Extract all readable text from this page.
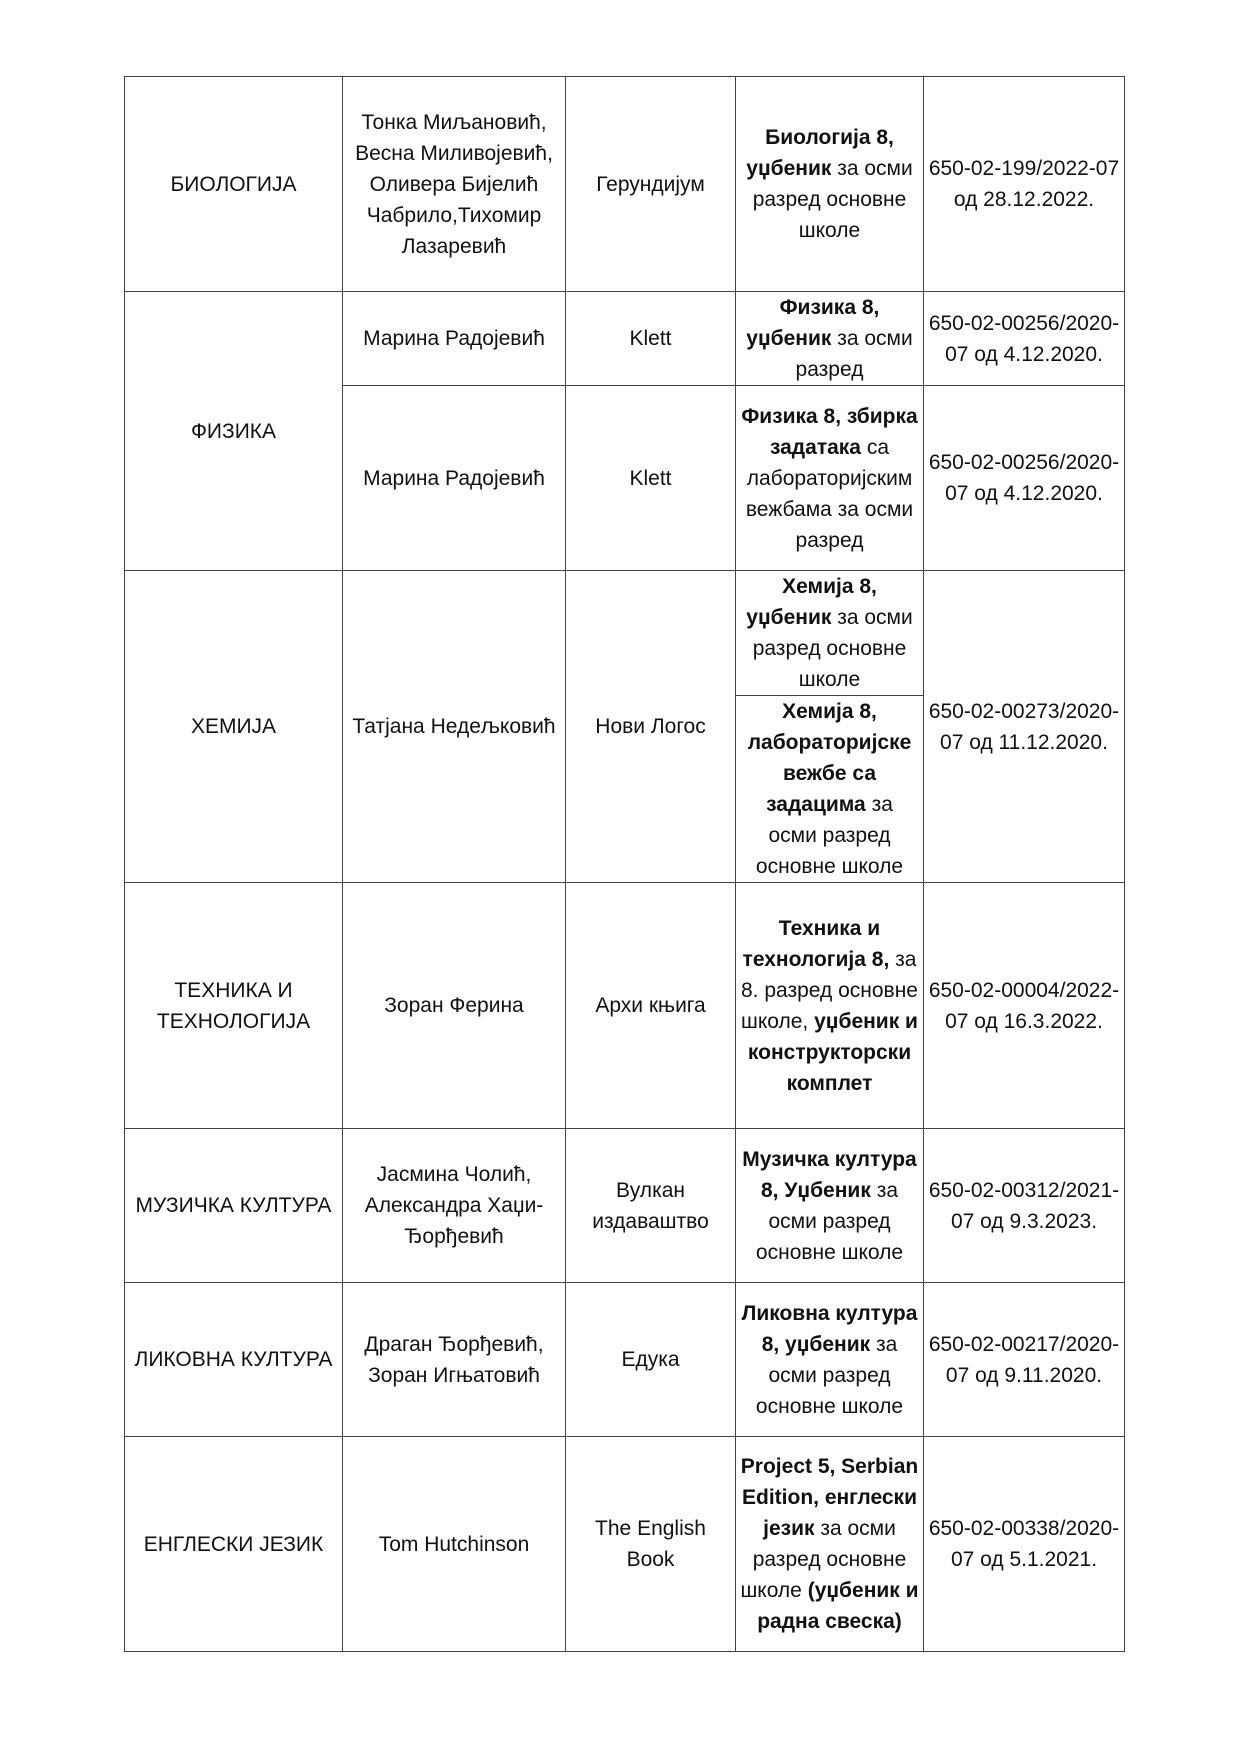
БИОЛОГИЈА	Тонка Миљановић, Весна Миливојевић, Оливера Бијелић Чабрило,Тихомир Лазаревић	Герундијум	Биологија 8, уџбеник за осми разред основне школе	650-02-199/2022-07 од 28.12.2022.
ФИЗИКА	Марина Радојевић	Klett	Физика 8, уџбеник за осми разред	650-02-00256/2020-07 од 4.12.2020.
	Марина Радојевић	Klett	Физика 8, збирка задатака са лабораторијским вежбама за осми разред	650-02-00256/2020-07 од 4.12.2020.
ХЕМИЈА	Татјана Недељковић	Нови Логос	Хемија 8, уџбеник за осми разред основне школе	650-02-00273/2020-07 од 11.12.2020.
			Хемија 8, лабораторијске вежбе са задацима за осми разред основне школе	
ТЕХНИКА И ТЕХНОЛОГИЈА	Зоран Ферина	Архи књига	Техника и технологија 8, за 8. разред основне школе, уџбеник и конструкторски комплет	650-02-00004/2022-07 од 16.3.2022.
МУЗИЧКА КУЛТУРА	Јасмина Чолић, Александра Хаџи-Ђорђевић	Вулкан издаваштво	Музичка култура 8, Уџбеник за осми разред основне школе	650-02-00312/2021-07 од 9.3.2023.
ЛИКОВНА КУЛТУРА	Драган Ђорђевић, Зоран Игњатовић	Едука	Ликовна култура 8, уџбеник за осми разред основне школе	650-02-00217/2020-07 од 9.11.2020.
ЕНГЛЕСКИ ЈЕЗИК	Tom Hutchinson	The English Book	Project 5, Serbian Edition, енглески језик за осми разред основне школе (уџбеник и радна свеска)	650-02-00338/2020-07 од 5.1.2021.
